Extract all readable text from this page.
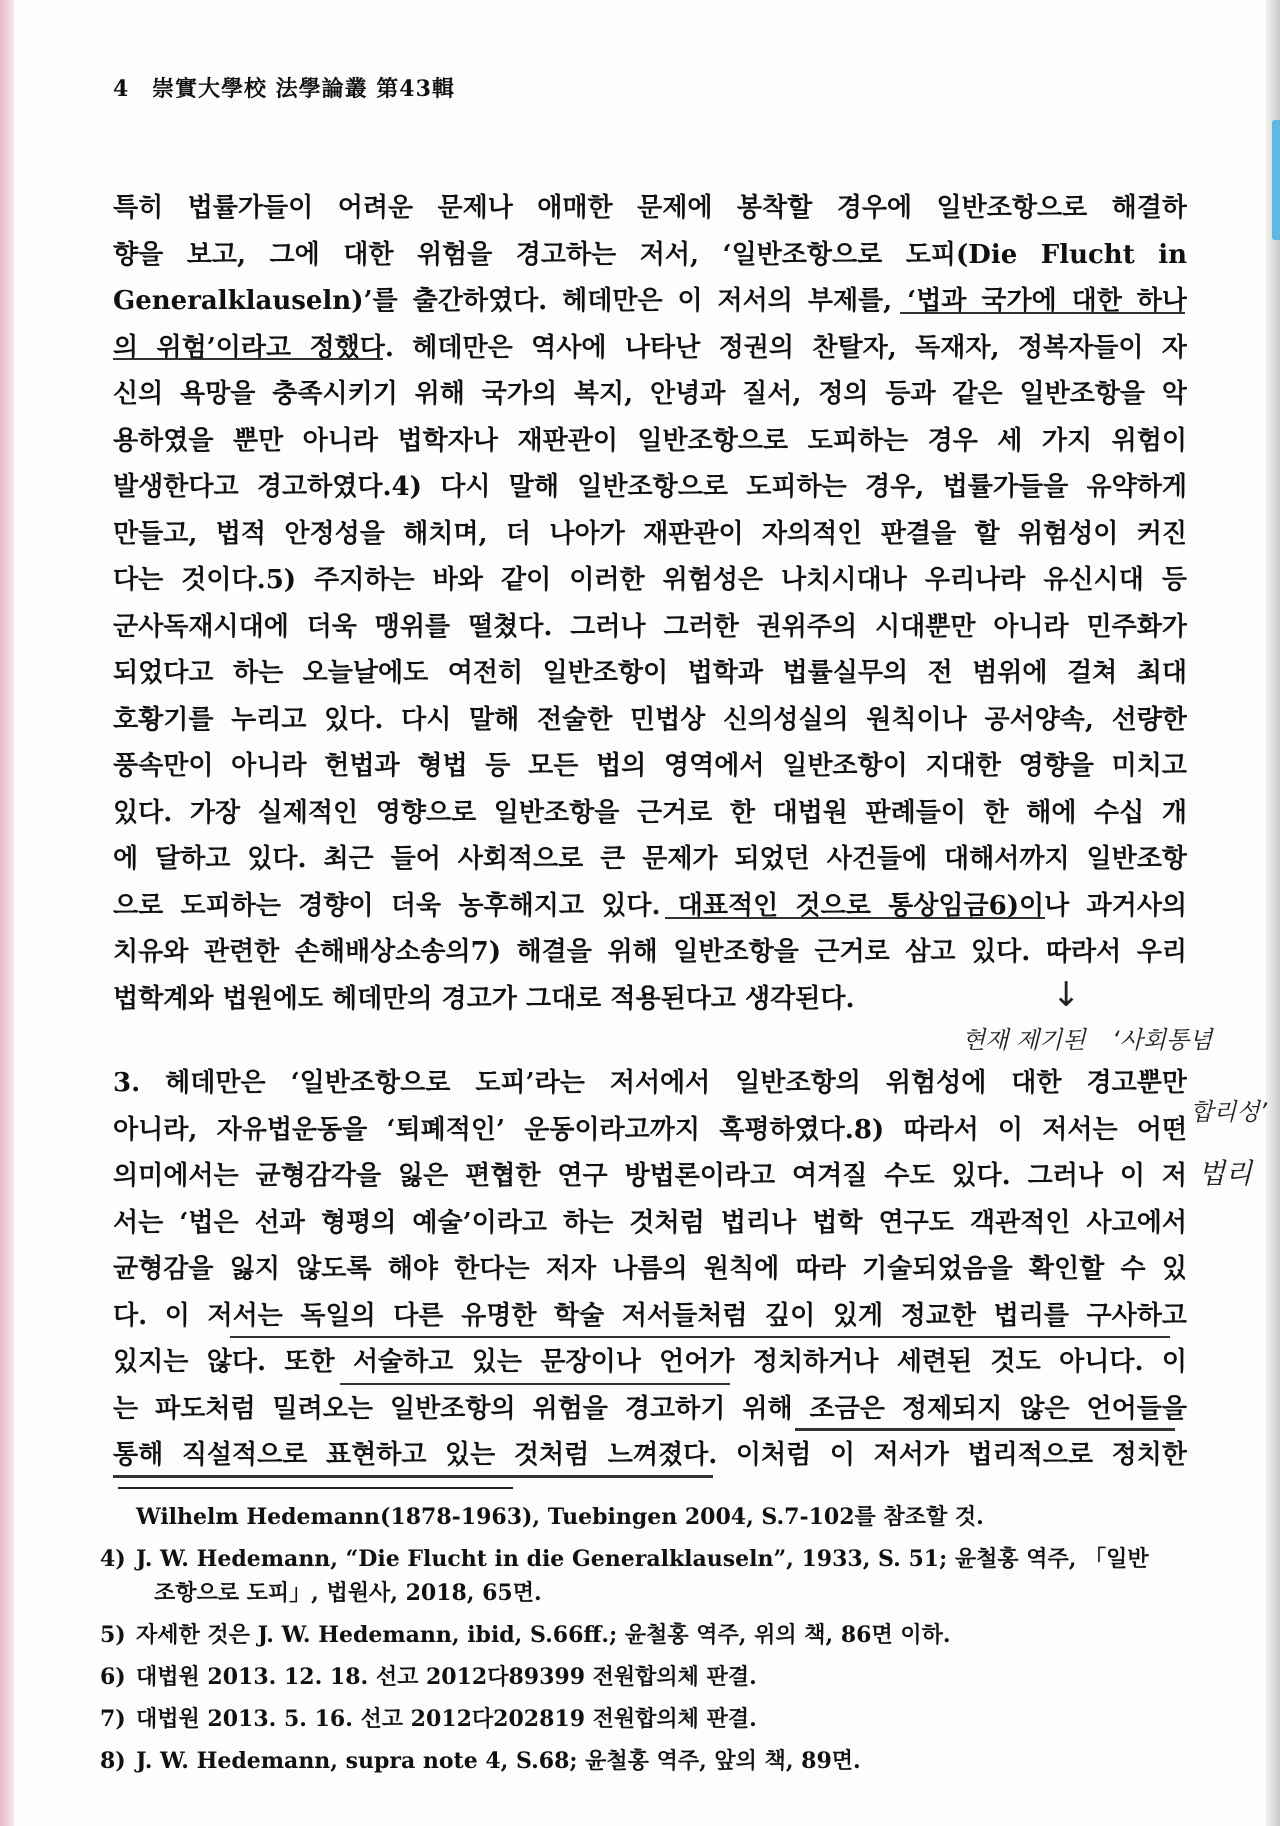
4 崇實大學校 法學論叢 第43輯
특히 법률가들이 어려운 문제나 애매한 문제에 봉착할 경우에 일반조항으로 해결하
향을 보고, 그에 대한 위험을 경고하는 저서, ‘일반조항으로 도피(Die Flucht in
Generalklauseln)’를 출간하였다. 헤데만은 이 저서의 부제를, ‘법과 국가에 대한 하나
의 위험’이라고 정했다. 헤데만은 역사에 나타난 정권의 찬탈자, 독재자, 정복자들이 자
신의 욕망을 충족시키기 위해 국가의 복지, 안녕과 질서, 정의 등과 같은 일반조항을 악
용하였을 뿐만 아니라 법학자나 재판관이 일반조항으로 도피하는 경우 세 가지 위험이
발생한다고 경고하였다.4) 다시 말해 일반조항으로 도피하는 경우, 법률가들을 유약하게
만들고, 법적 안정성을 해치며, 더 나아가 재판관이 자의적인 판결을 할 위험성이 커진
다는 것이다.5) 주지하는 바와 같이 이러한 위험성은 나치시대나 우리나라 유신시대 등
군사독재시대에 더욱 맹위를 떨쳤다. 그러나 그러한 권위주의 시대뿐만 아니라 민주화가
되었다고 하는 오늘날에도 여전히 일반조항이 법학과 법률실무의 전 범위에 걸쳐 최대
호황기를 누리고 있다. 다시 말해 전술한 민법상 신의성실의 원칙이나 공서양속, 선량한
풍속만이 아니라 헌법과 형법 등 모든 법의 영역에서 일반조항이 지대한 영향을 미치고
있다. 가장 실제적인 영향으로 일반조항을 근거로 한 대법원 판례들이 한 해에 수십 개
에 달하고 있다. 최근 들어 사회적으로 큰 문제가 되었던 사건들에 대해서까지 일반조항
으로 도피하는 경향이 더욱 농후해지고 있다. 대표적인 것으로 통상임금6)이나 과거사의
치유와 관련한 손해배상소송의7) 해결을 위해 일반조항을 근거로 삼고 있다. 따라서 우리
법학계와 법원에도 헤데만의 경고가 그대로 적용된다고 생각된다.
3. 헤데만은 ‘일반조항으로 도피’라는 저서에서 일반조항의 위험성에 대한 경고뿐만
아니라, 자유법운동을 ‘퇴폐적인’ 운동이라고까지 혹평하였다.8) 따라서 이 저서는 어떤
의미에서는 균형감각을 잃은 편협한 연구 방법론이라고 여겨질 수도 있다. 그러나 이 저
서는 ‘법은 선과 형평의 예술’이라고 하는 것처럼 법리나 법학 연구도 객관적인 사고에서
균형감을 잃지 않도록 해야 한다는 저자 나름의 원칙에 따라 기술되었음을 확인할 수 있
다. 이 저서는 독일의 다른 유명한 학술 저서들처럼 깊이 있게 정교한 법리를 구사하고
있지는 않다. 또한 서술하고 있는 문장이나 언어가 정치하거나 세련된 것도 아니다. 이
는 파도처럼 밀려오는 일반조항의 위험을 경고하기 위해 조금은 정제되지 않은 언어들을
통해 직설적으로 표현하고 있는 것처럼 느껴졌다. 이처럼 이 저서가 법리적으로 정치한
↓
현재 제기된 ‘사회통념
합리성’
법리
Wilhelm Hedemann(1878-1963), Tuebingen 2004, S.7-102를 참조할 것.
4) J. W. Hedemann, “Die Flucht in die Generalklauseln”, 1933, S. 51; 윤철홍 역주, 「일반
조항으로 도피」, 법원사, 2018, 65면.
5) 자세한 것은 J. W. Hedemann, ibid, S.66ff.; 윤철홍 역주, 위의 책, 86면 이하.
6) 대법원 2013. 12. 18. 선고 2012다89399 전원합의체 판결.
7) 대법원 2013. 5. 16. 선고 2012다202819 전원합의체 판결.
8) J. W. Hedemann, supra note 4, S.68; 윤철홍 역주, 앞의 책, 89면.
